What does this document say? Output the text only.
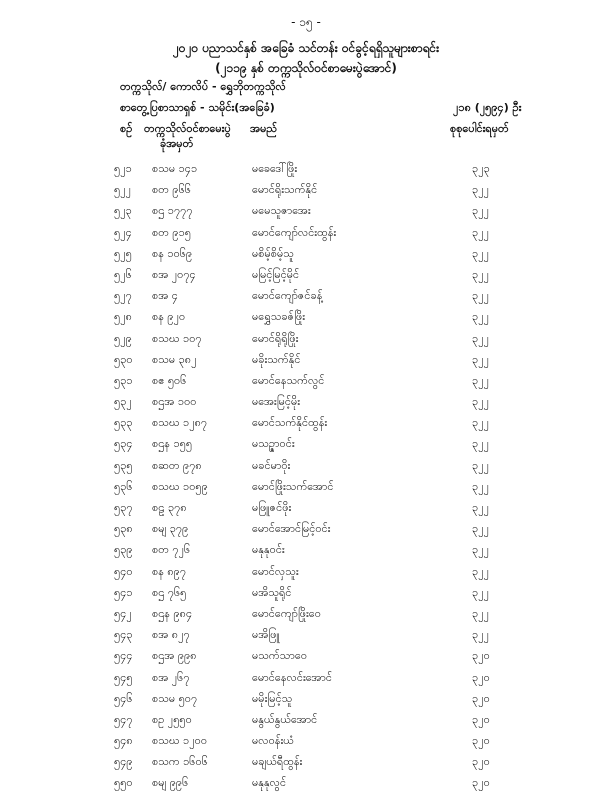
- ၁၅ -
၂၀၂၀ ပညာသင်နှစ် အခြေခံ သင်တန်း ဝင်ခွင့်ရရှိသူများစာရင်း
(၂၁၁၉ နှစ် တက္ကသိုလ်ဝင်စာမေးပွဲအောင်)
တက္ကသိုလ်/ ကောလိပ် - ရွှေဘိုတက္ကသိုလ်
စာတွေ့ပြစာသာရှစ် - သမိုင်း(အခြေခံ)	၂၁၈ (၂၅၉၄) ဦး
စဉ် တက္ကသိုလ်ဝင်စာမေးပွဲ
ခုံအမှတ်
အမည်	စုစုပေါင်းရမှတ်
၅၂၁ စသမ ၁၄၁	မခေဒေါ်ဖြိုး	၃၂၃
၅၂၂ စတ ၉၆၆	မောင်ရိုးသက်နိုင်	၃၂၂
၅၂၃ စဌ ၁၇၇၇	မမေသူဇာအေး	၃၂၂
၅၂၄ စတ ၉၁၅	မောင်ကျော်လင်းထွန်း	၃၂၂
၅၂၅ စန ၁၀၆၉	မစိမ့်စိမ့်သူ	၃၂၂
၅၂၆ စအ ၂၀၇၄	မမြင့်မြင့်မိုင်	၃၂၂
၅၂၇ စအ ၄	မောင်ကျော်ဇင်ခန့်	၃၂၂
၅၂၈ စန ၉၂၀	မရွှေသခဇ်ဖြိုး	၃၂၂
၅၂၉ စသဃ ၁၀၇	မောင်ရိုရိုဖြိုး	၃၂၂
၅၃၀ စသမ ၃၈၂	မခိုးသက်နိုင်	၃၂၂
၅၃၁ စဧ ၅၀၆	မောင်နေသက်လွင်	၃၂၂
၅၃၂ စဌအ ၁၀၀	မအေးမြင့်မိုး	၃၂၂
၅၃၃ စသဃ ၁၂၈၇	မောင်သက်နိုင်ထွန်း	၃၂၂
၅၃၄ စဌန ၁၅၅	မသဥ္ဇာဝင်း	၃၂၂
၅၃၅ စဆတ ၉၇၈	မခင်မာဝိုး	၃၂၂
၅၃၆ စသဃ ၁၀၅၉	မောင်ဖြိုးသက်အောင်	၃၂၂
၅၃၇ စဠ ၃၇၈	မဖြူဇင်ဖိုး	၃၂၂
၅၃၈ စမျ ၃၇၉	မောင်အောင်မြင့်ဝင်း	၃၂၂
၅၃၉ စတ ၇၂၆	မနုနုဝင်း	၃၂၂
၅၄၀ စန ၈၉၇	မောင်လှသူး	၃၂၂
၅၄၁ စဌ ၇၆၅	မအိသူရိုင်	၃၂၂
၅၄၂ စဌန ၉၈၄	မောင်ကျော်ဖြိုးဝေ	၃၂၂
၅၄၃ စအ ၈၂၇	မအိဖြူ	၃၂၂
၅၄၄ စဌအ ၉၉၈	မသက်သာဝေ	၃၂၀
၅၄၅ စအ ၂၆၇	မောင်နေလင်းအောင်	၃၂၀
၅၄၆ စသမ ၅၀၇	မမိုးမြင့်သူ	၃၂၀
၅၄၇ စဥ ၂၅၅၀	မနွယ်နွယ်အောင်	၃၂၀
၅၄၈ စသဃ ၁၂၀၀	မလဝန်းယံ	၃၂၀
၅၄၉ စသက ၁၆၀၆	မချယ်ရီထွန်း	၃၂၀
၅၅၀ စမျ ၉၉၆	မနုနုလွင်	၃၂၀
